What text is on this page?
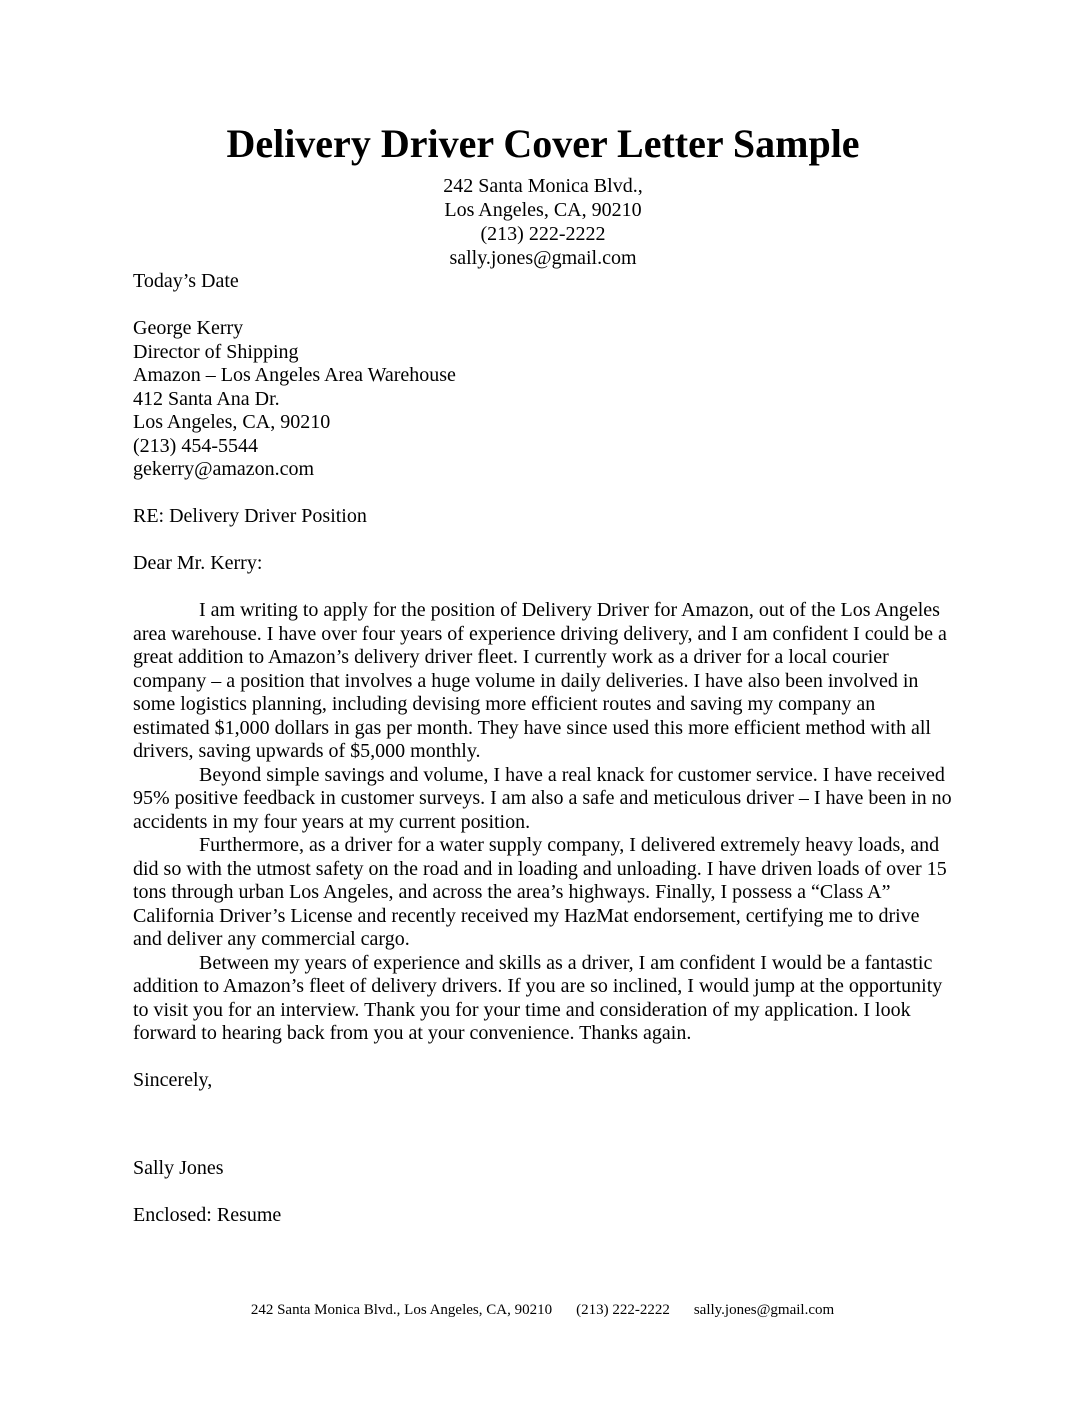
Delivery Driver Cover Letter Sample
242 Santa Monica Blvd.,
Los Angeles, CA, 90210
(213) 222-2222
sally.jones@gmail.com
Today’s Date
George Kerry
Director of Shipping
Amazon – Los Angeles Area Warehouse
412 Santa Ana Dr.
Los Angeles, CA, 90210
(213) 454-5544
gekerry@amazon.com
RE: Delivery Driver Position
Dear Mr. Kerry:

I am writing to apply for the position of Delivery Driver for Amazon, out of the Los Angeles area warehouse. I have over four years of experience driving delivery, and I am confident I could be a great addition to Amazon’s delivery driver fleet. I currently work as a driver for a local courier company – a position that involves a huge volume in daily deliveries. I have also been involved in some logistics planning, including devising more efficient routes and saving my company an estimated $1,000 dollars in gas per month. They have since used this more efficient method with all drivers, saving upwards of $5,000 monthly.

Beyond simple savings and volume, I have a real knack for customer service. I have received 95% positive feedback in customer surveys. I am also a safe and meticulous driver – I have been in no accidents in my four years at my current position.

Furthermore, as a driver for a water supply company, I delivered extremely heavy loads, and did so with the utmost safety on the road and in loading and unloading. I have driven loads of over 15 tons through urban Los Angeles, and across the area’s highways. Finally, I possess a “Class A” California Driver’s License and recently received my HazMat endorsement, certifying me to drive and deliver any commercial cargo.

Between my years of experience and skills as a driver, I am confident I would be a fantastic addition to Amazon’s fleet of delivery drivers. If you are so inclined, I would jump at the opportunity to visit you for an interview. Thank you for your time and consideration of my application. I look forward to hearing back from you at your convenience. Thanks again.

Sincerely,
Sally Jones
Enclosed: Resume
242 Santa Monica Blvd., Los Angeles, CA, 90210 (213) 222-2222 sally.jones@gmail.com
